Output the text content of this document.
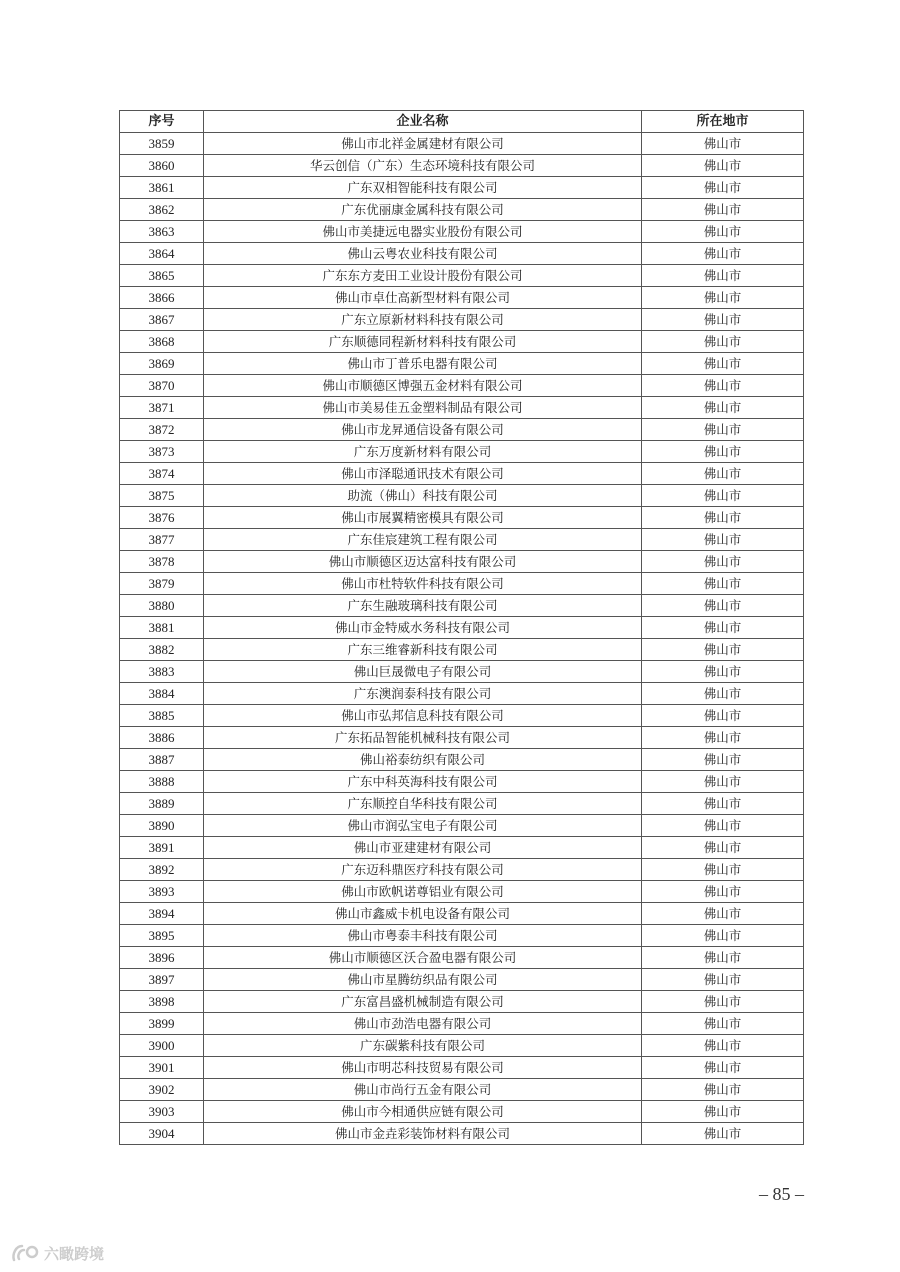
序号	企业名称	所在地市
3859	佛山市北祥金属建材有限公司	佛山市
3860	华云创信（广东）生态环境科技有限公司	佛山市
3861	广东双相智能科技有限公司	佛山市
3862	广东优丽康金属科技有限公司	佛山市
3863	佛山市美捷远电器实业股份有限公司	佛山市
3864	佛山云粤农业科技有限公司	佛山市
3865	广东东方麦田工业设计股份有限公司	佛山市
3866	佛山市卓仕高新型材料有限公司	佛山市
3867	广东立原新材料科技有限公司	佛山市
3868	广东顺德同程新材料科技有限公司	佛山市
3869	佛山市丁普乐电器有限公司	佛山市
3870	佛山市顺德区博强五金材料有限公司	佛山市
3871	佛山市美易佳五金塑料制品有限公司	佛山市
3872	佛山市龙昇通信设备有限公司	佛山市
3873	广东万度新材料有限公司	佛山市
3874	佛山市泽聪通讯技术有限公司	佛山市
3875	助流（佛山）科技有限公司	佛山市
3876	佛山市展翼精密模具有限公司	佛山市
3877	广东佳宸建筑工程有限公司	佛山市
3878	佛山市顺德区迈达富科技有限公司	佛山市
3879	佛山市杜特软件科技有限公司	佛山市
3880	广东生融玻璃科技有限公司	佛山市
3881	佛山市金特威水务科技有限公司	佛山市
3882	广东三维睿新科技有限公司	佛山市
3883	佛山巨晟微电子有限公司	佛山市
3884	广东澳润泰科技有限公司	佛山市
3885	佛山市弘邦信息科技有限公司	佛山市
3886	广东拓品智能机械科技有限公司	佛山市
3887	佛山裕泰纺织有限公司	佛山市
3888	广东中科英海科技有限公司	佛山市
3889	广东顺控自华科技有限公司	佛山市
3890	佛山市润弘宝电子有限公司	佛山市
3891	佛山市亚建建材有限公司	佛山市
3892	广东迈科鼎医疗科技有限公司	佛山市
3893	佛山市欧帆诺尊铝业有限公司	佛山市
3894	佛山市鑫威卡机电设备有限公司	佛山市
3895	佛山市粤泰丰科技有限公司	佛山市
3896	佛山市顺德区沃合盈电器有限公司	佛山市
3897	佛山市星腾纺织品有限公司	佛山市
3898	广东富昌盛机械制造有限公司	佛山市
3899	佛山市劲浩电器有限公司	佛山市
3900	广东碳紫科技有限公司	佛山市
3901	佛山市明芯科技贸易有限公司	佛山市
3902	佛山市尚行五金有限公司	佛山市
3903	佛山市今相通供应链有限公司	佛山市
3904	佛山市金垚彩装饰材料有限公司	佛山市
– 85 –
六瞰跨境
